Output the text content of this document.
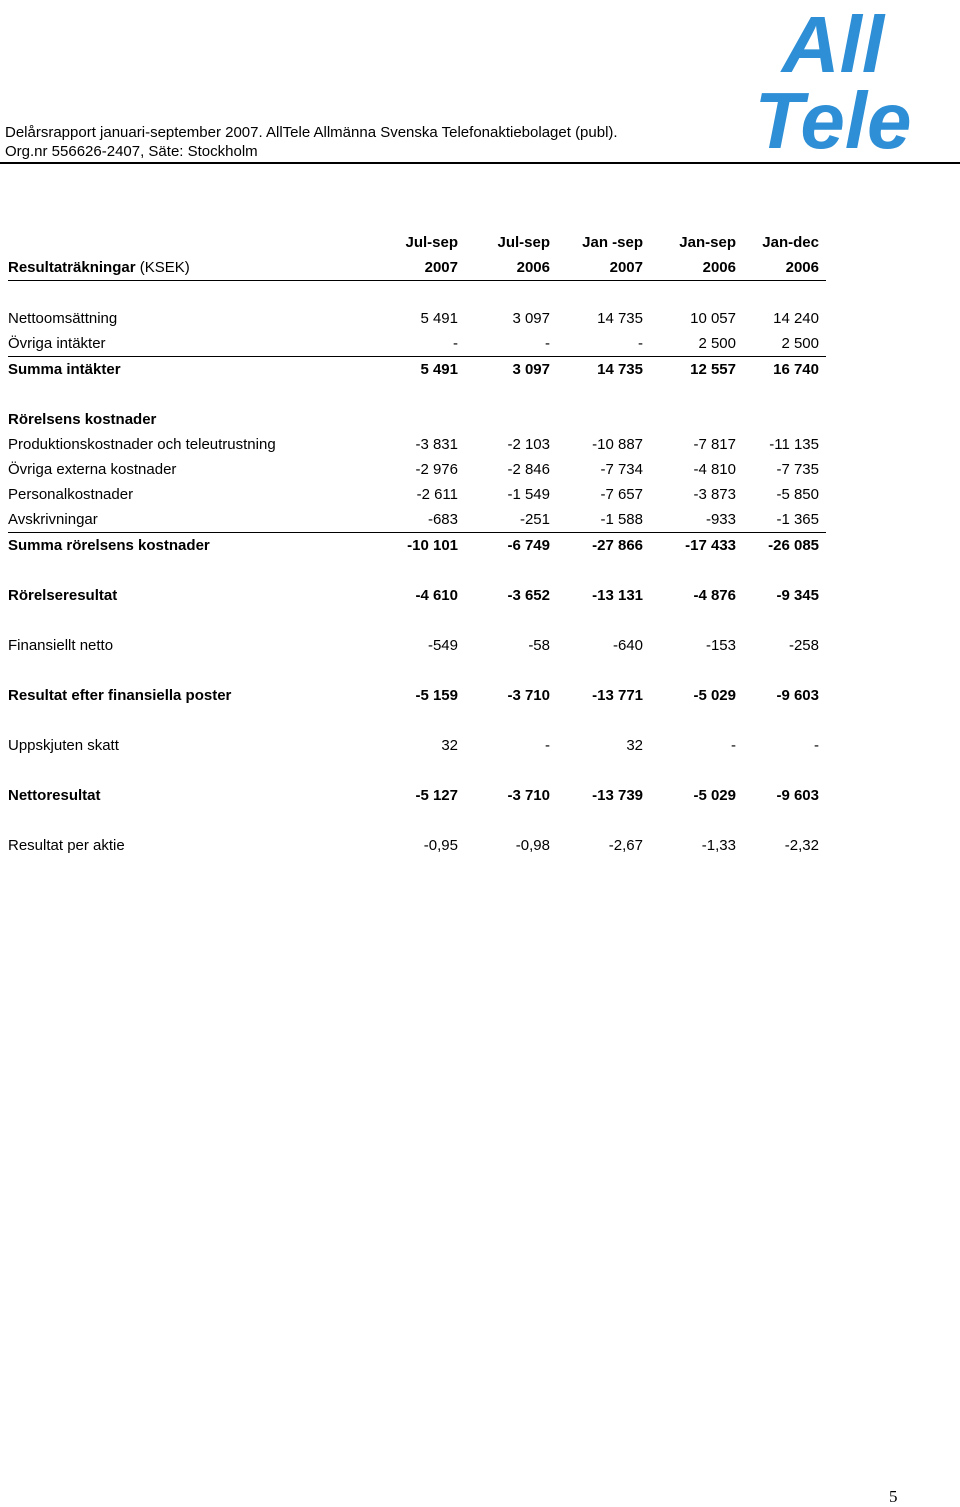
Delårsrapport januari-september 2007. AllTele Allmänna Svenska Telefonaktiebolaget (publ).
Org.nr 556626-2407, Säte: Stockholm
All
Tele
Jul-sep	Jul-sep	Jan -sep	Jan-sep	Jan-dec
Resultaträkningar (KSEK)	2007	2006	2007	2006	2006
Nettoomsättning	5 491	3 097	14 735	10 057	14 240
Övriga intäkter	-	-	-	2 500	2 500
Summa intäkter	5 491	3 097	14 735	12 557	16 740
Rörelsens kostnader
Produktionskostnader och teleutrustning	-3 831	-2 103	-10 887	-7 817	-11 135
Övriga externa kostnader	-2 976	-2 846	-7 734	-4 810	-7 735
Personalkostnader	-2 611	-1 549	-7 657	-3 873	-5 850
Avskrivningar	-683	-251	-1 588	-933	-1 365
Summa rörelsens kostnader	-10 101	-6 749	-27 866	-17 433	-26 085
Rörelseresultat	-4 610	-3 652	-13 131	-4 876	-9 345
Finansiellt netto	-549	-58	-640	-153	-258
Resultat efter finansiella poster	-5 159	-3 710	-13 771	-5 029	-9 603
Uppskjuten skatt	32	-	32	-	-
Nettoresultat	-5 127	-3 710	-13 739	-5 029	-9 603
Resultat per aktie	-0,95	-0,98	-2,67	-1,33	-2,32
5
